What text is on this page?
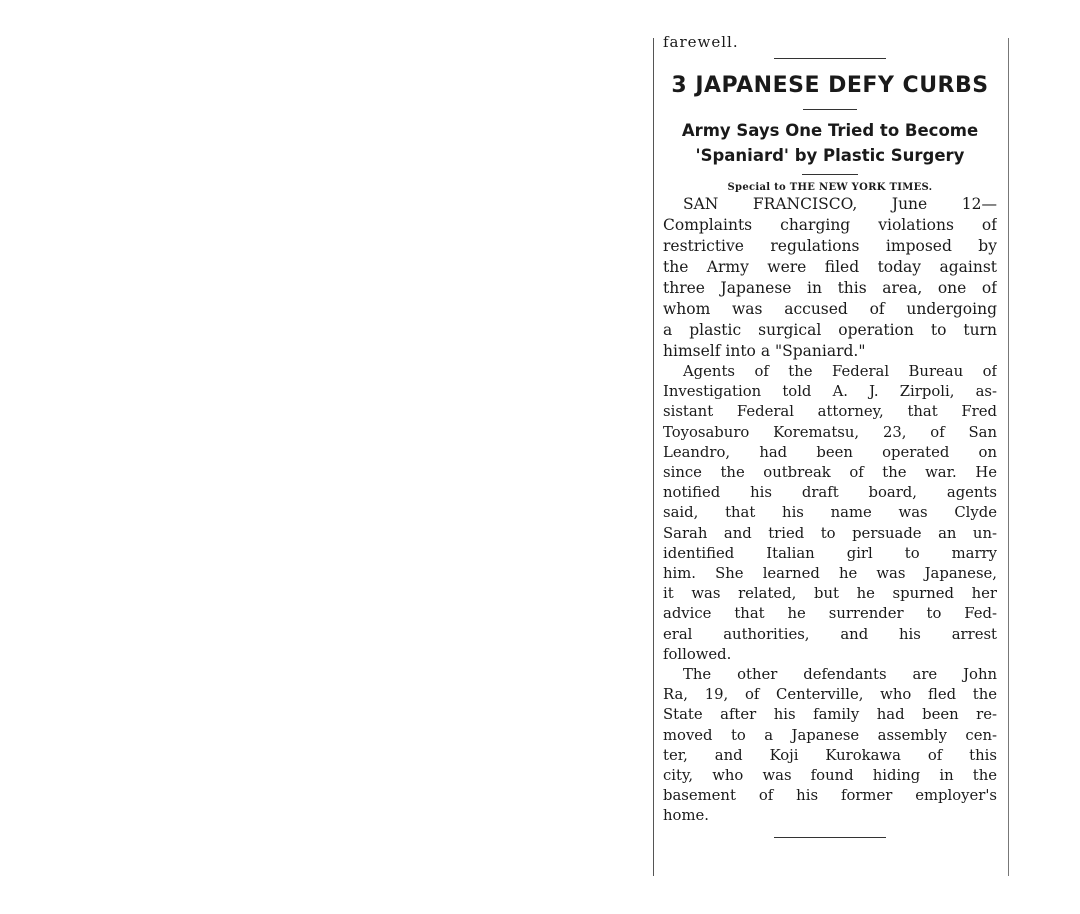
farewell.
3 JAPANESE DEFY CURBS
Army Says One Tried to Become
'Spaniard' by Plastic Surgery
Special to THE NEW YORK TIMES.

SAN FRANCISCO, June 12—
Complaints charging violations of
restrictive regulations imposed by
the Army were filed today against
three Japanese in this area, one of
whom was accused of undergoing
a plastic surgical operation to turn
himself into a "Spaniard."

Agents of the Federal Bureau of
Investigation told A. J. Zirpoli, as-
sistant Federal attorney, that Fred
Toyosaburo Korematsu, 23, of San
Leandro, had been operated on
since the outbreak of the war. He
notified his draft board, agents
said, that his name was Clyde
Sarah and tried to persuade an un-
identified Italian girl to marry
him. She learned he was Japanese,
it was related, but he spurned her
advice that he surrender to Fed-
eral authorities, and his arrest
followed.

The other defendants are John
Ra, 19, of Centerville, who fled the
State after his family had been re-
moved to a Japanese assembly cen-
ter, and Koji Kurokawa of this
city, who was found hiding in the
basement of his former employer's
home.
